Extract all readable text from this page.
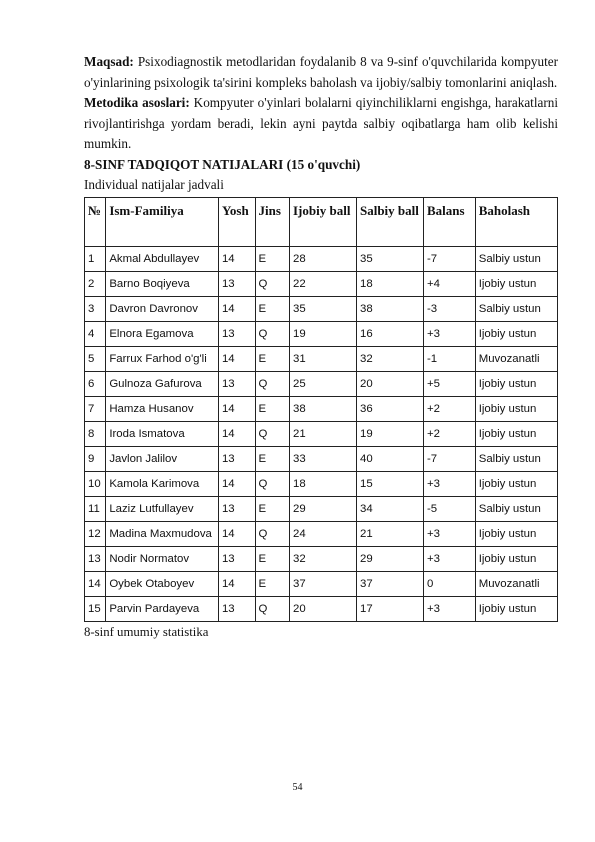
Maqsad: Psixodiagnostik metodlaridan foydalanib 8 va 9-sinf o'quvchilarida kompyuter o'yinlarining psixologik ta'sirini kompleks baholash va ijobiy/salbiy tomonlarini aniqlash.

Metodika asoslari: Kompyuter o'yinlari bolalarni qiyinchiliklarni engishga, harakatlarni rivojlantirishga yordam beradi, lekin ayni paytda salbiy oqibatlarga ham olib kelishi mumkin.

8-SINF TADQIQOT NATIJALARI (15 o'quvchi)

Individual natijalar jadvali

№	Ism-Familiya	Yosh	Jins	Ijobiy ball	Salbiy ball	Balans	Baholash
1	Akmal Abdullayev	14	E	28	35	-7	Salbiy ustun
2	Barno Boqiyeva	13	Q	22	18	+4	Ijobiy ustun
3	Davron Davronov	14	E	35	38	-3	Salbiy ustun
4	Elnora Egamova	13	Q	19	16	+3	Ijobiy ustun
5	Farrux Farhod o'g'li	14	E	31	32	-1	Muvozanatli
6	Gulnoza Gafurova	13	Q	25	20	+5	Ijobiy ustun
7	Hamza Husanov	14	E	38	36	+2	Ijobiy ustun
8	Iroda Ismatova	14	Q	21	19	+2	Ijobiy ustun
9	Javlon Jalilov	13	E	33	40	-7	Salbiy ustun
10	Kamola Karimova	14	Q	18	15	+3	Ijobiy ustun
11	Laziz Lutfullayev	13	E	29	34	-5	Salbiy ustun
12	Madina Maxmudova	14	Q	24	21	+3	Ijobiy ustun
13	Nodir Normatov	13	E	32	29	+3	Ijobiy ustun
14	Oybek Otaboyev	14	E	37	37	0	Muvozanatli
15	Parvin Pardayeva	13	Q	20	17	+3	Ijobiy ustun

8-sinf umumiy statistika

54
